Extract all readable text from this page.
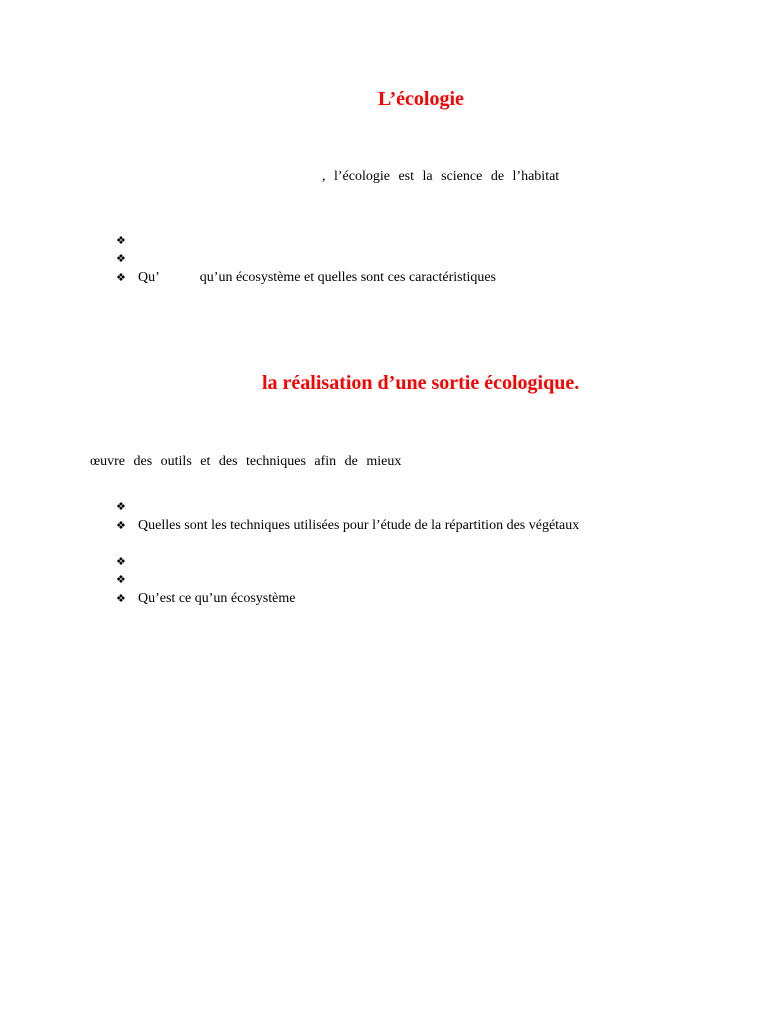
L’écologie
, l’écologie est la science de l’habitat
❖
❖
❖ Qu’	qu’un écosystème et quelles sont ces caractéristiques
la réalisation d’une sortie écologique.
œuvre des outils et des techniques afin de mieux
❖
❖ Quelles sont les techniques utilisées pour l’étude de la répartition des végétaux
❖
❖
❖ Qu’est ce qu’un écosystème
